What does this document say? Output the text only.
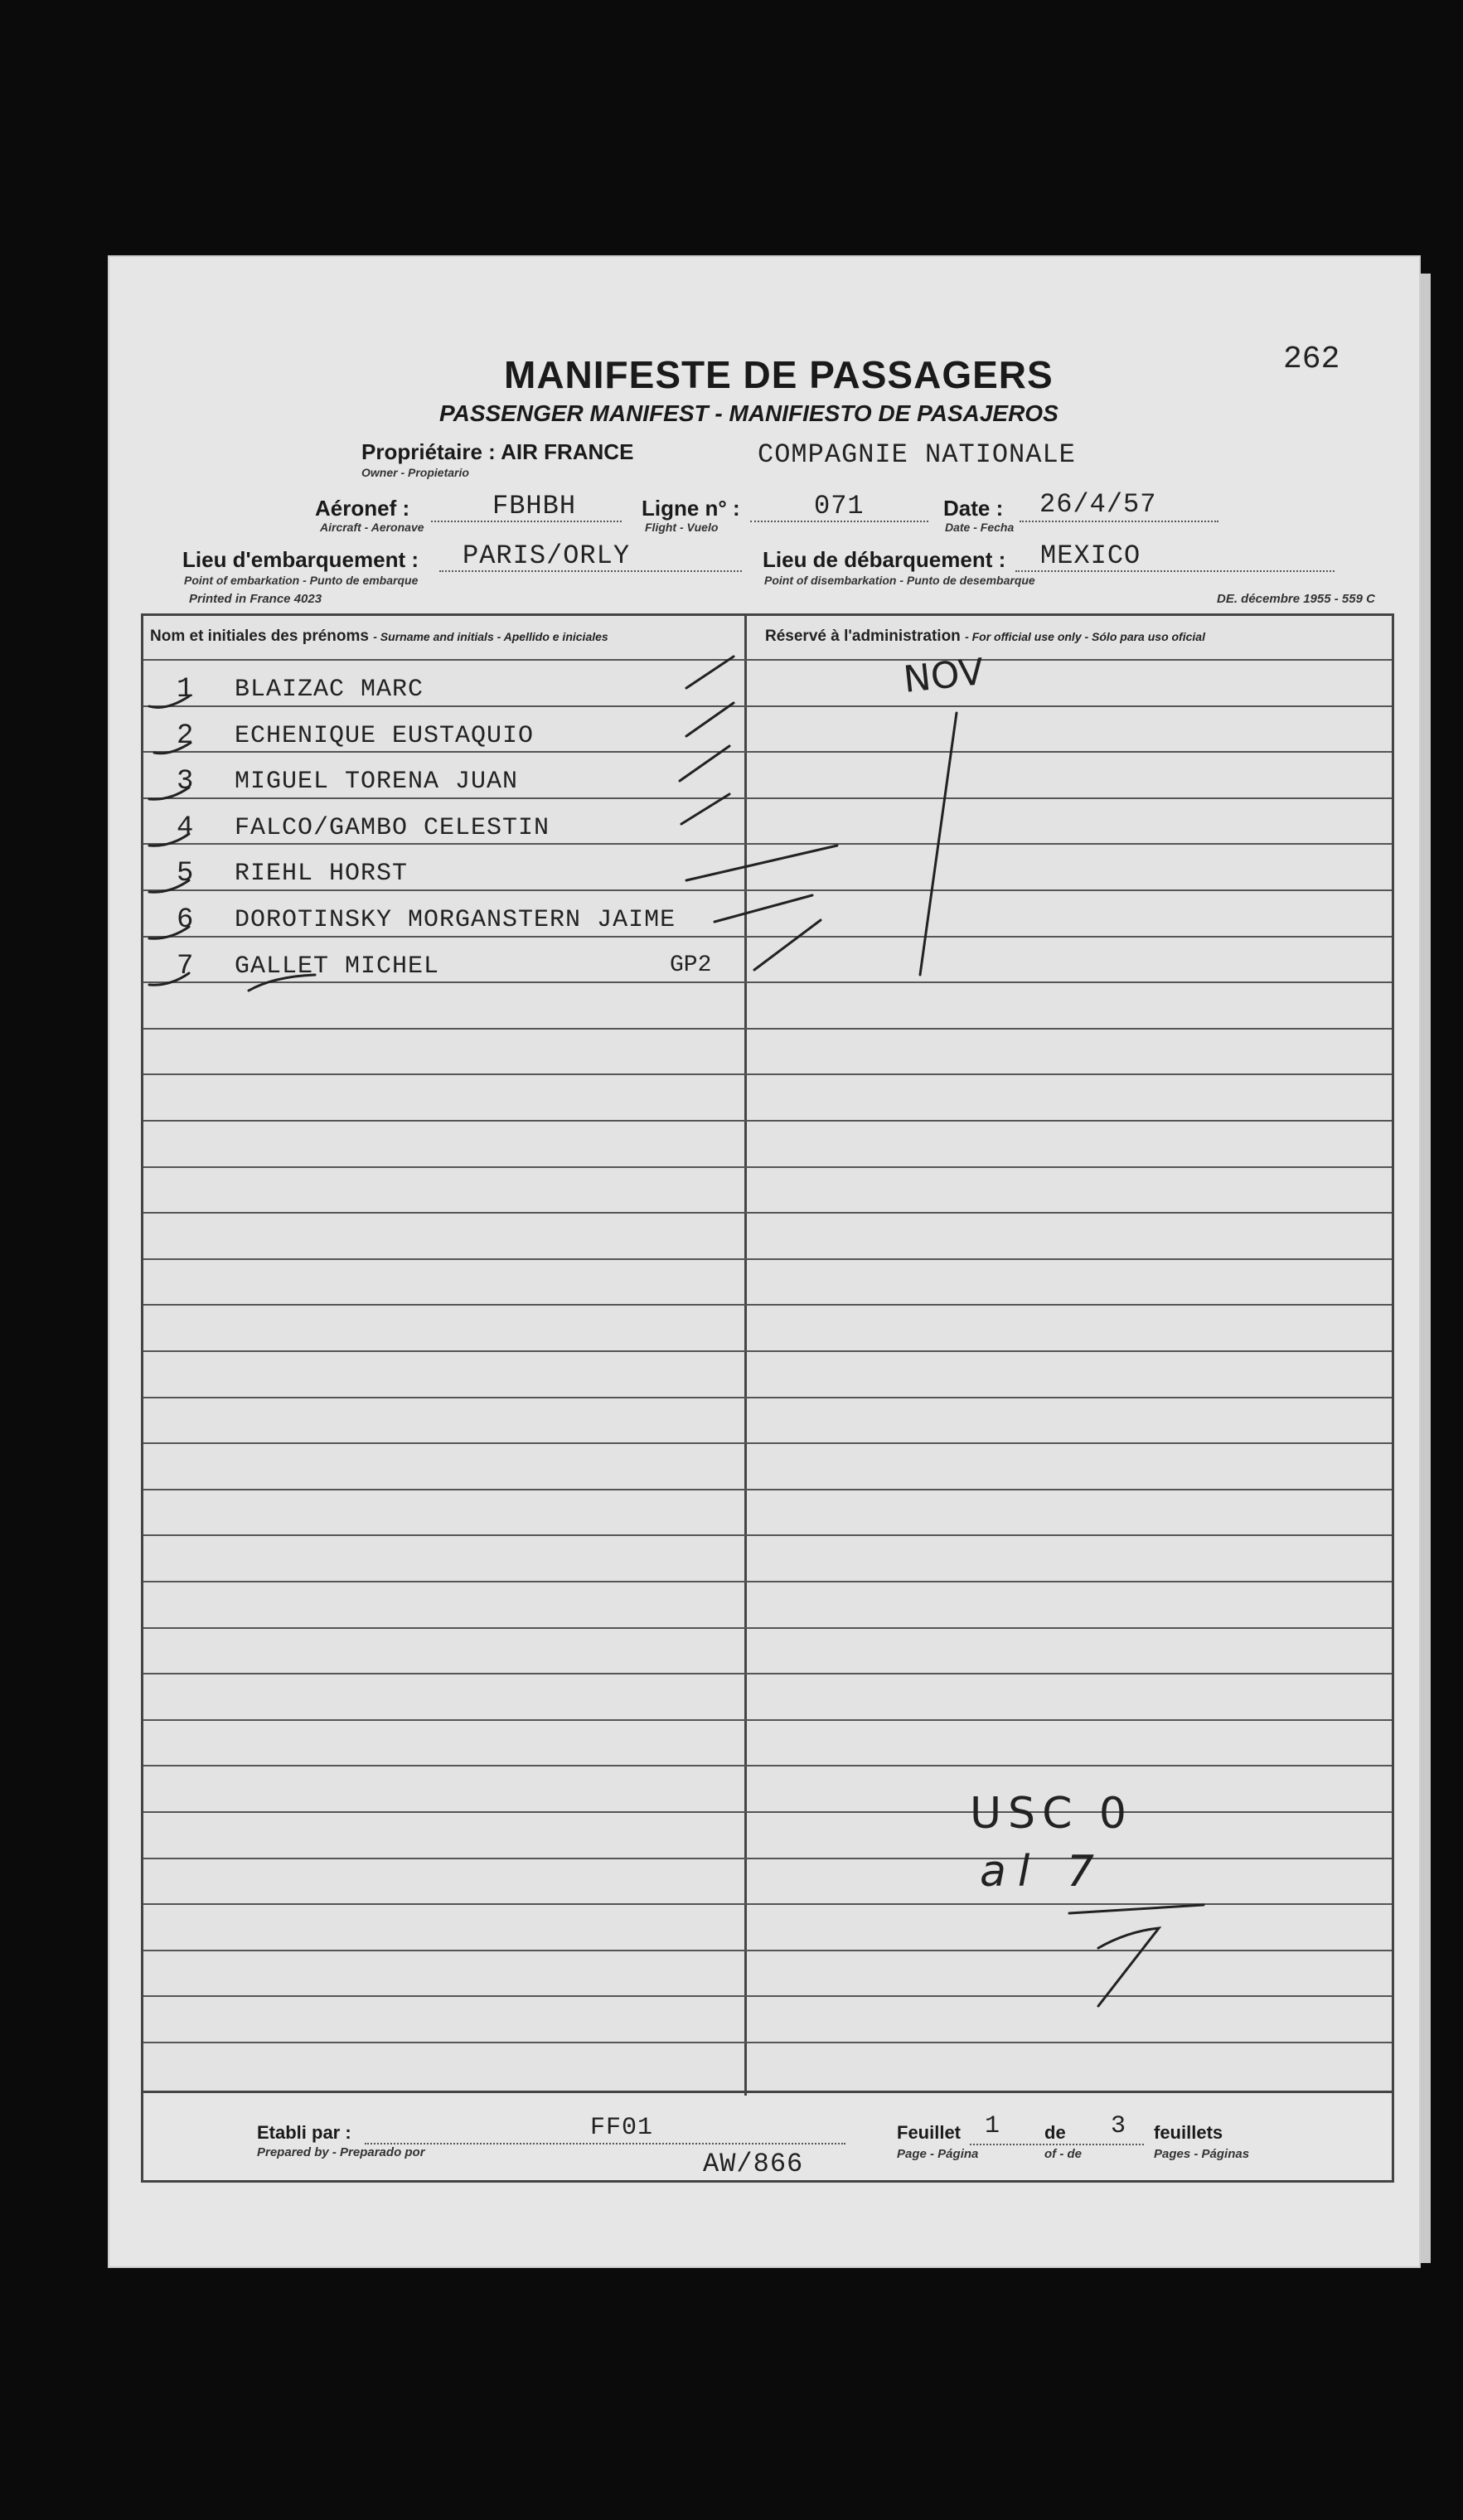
262
MANIFESTE DE PASSAGERS
PASSENGER MANIFEST - MANIFIESTO DE PASAJEROS
Propriétaire : AIR FRANCE
Owner - Propietario
COMPAGNIE NATIONALE
Aéronef :
Aircraft - Aeronave
FBHBH	Ligne n° :
Flight - Vuelo
071	Date :
Date - Fecha
26/4/57
Lieu d'embarquement :
Point of embarkation - Punto de embarque
PARIS/ORLY	Lieu de débarquement :
Point of disembarkation - Punto de desembarque
MEXICO
Printed in France 4023	DE. décembre 1955 - 559 C
Nom et initiales des prénoms - Surname and initials - Apellido e iniciales	Réservé à l'administration - For official use only - Sólo para uso oficial
1 BLAIZAC MARC
2 ECHENIQUE EUSTAQUIO
3 MIGUEL TORENA JUAN
4 FALCO/GAMBO CELESTIN
5 RIEHL HORST
6 DOROTINSKY MORGANSTERN JAIME
7 GALLET MICHEL	GP2
NOV
USC 0
al 7
Etabli par :
Prepared by - Preparado por
FF01
AW/866
Feuillet 1 de 3 feuillets
Page - Página	of - de	Pages - Páginas
